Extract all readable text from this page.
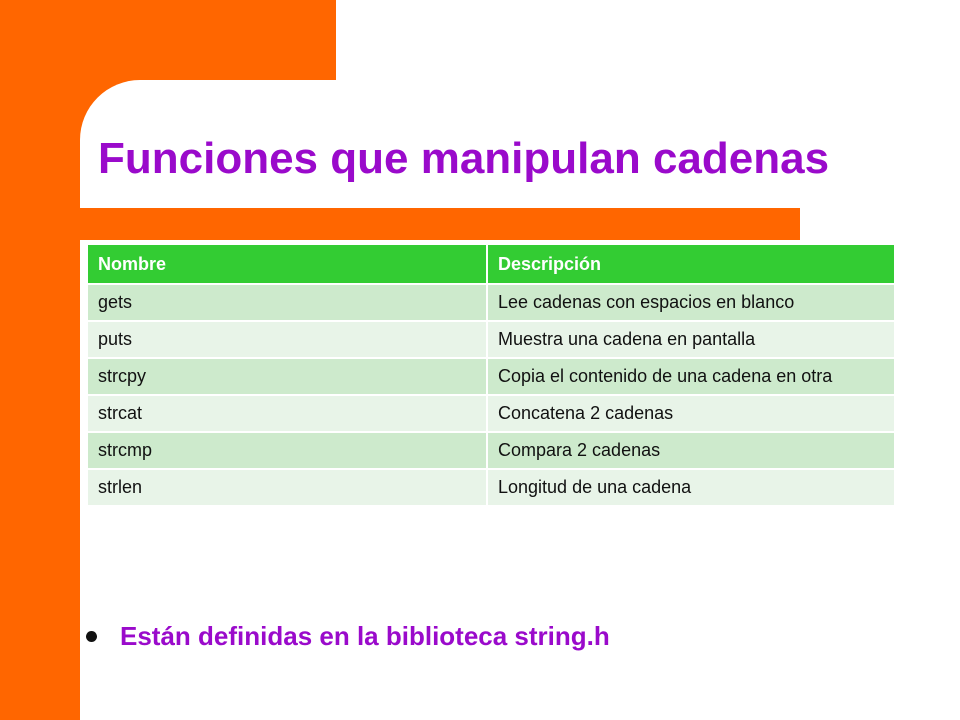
Funciones que manipulan cadenas
Nombre	Descripción
gets	Lee cadenas con espacios en blanco
puts	Muestra una cadena en pantalla
strcpy	Copia el contenido de una cadena en otra
strcat	Concatena 2 cadenas
strcmp	Compara 2 cadenas
strlen	Longitud de una cadena
Están definidas en la biblioteca string.h
